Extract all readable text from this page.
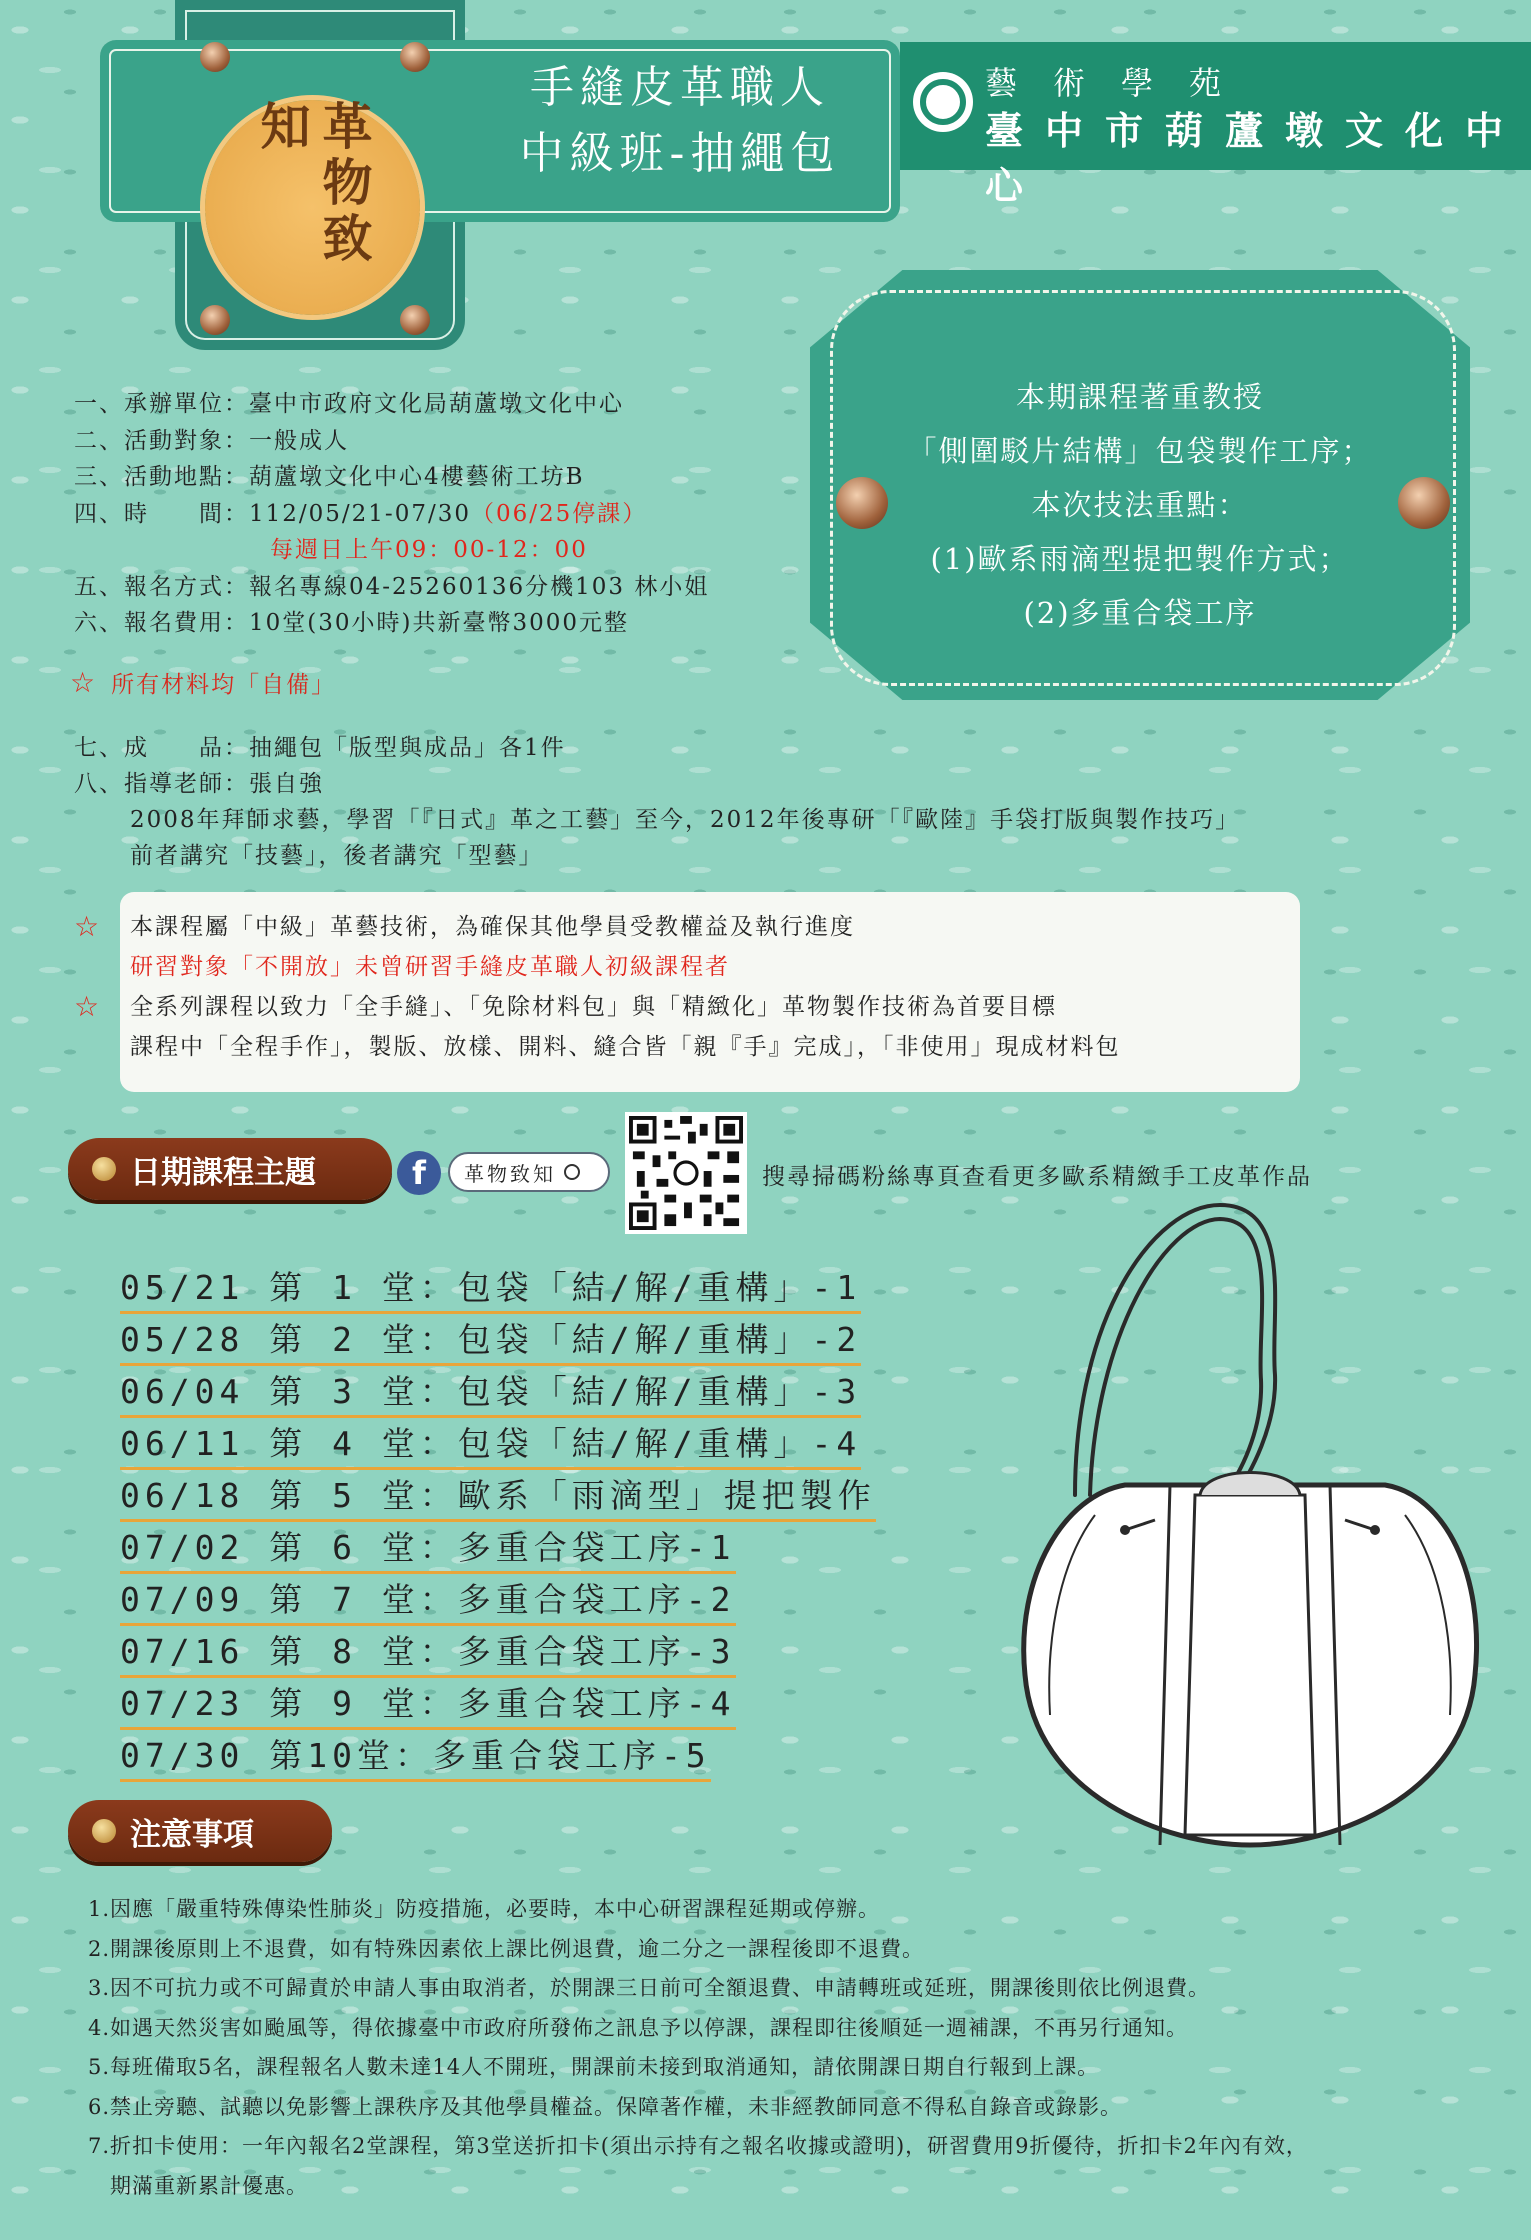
革物致知
手縫皮革職人
中級班-抽繩包
藝術學苑
臺中市葫蘆墩文化中心
本期課程著重教授
「側圍駁片結構」包袋製作工序；
本次技法重點：
(1)歐系雨滴型提把製作方式；
(2)多重合袋工序
一、承辦單位：臺中市政府文化局葫蘆墩文化中心
二、活動對象：一般成人
三、活動地點：葫蘆墩文化中心4樓藝術工坊B
四、時　　間：112/05/21-07/30（06/25停課）
每週日上午09：00-12：00
五、報名方式：報名專線04-25260136分機103 林小姐
六、報名費用：10堂(30小時)共新臺幣3000元整
☆ 所有材料均「自備」
七、成　　品：抽繩包「版型與成品」各1件
八、指導老師：張自強
2008年拜師求藝，學習「『日式』革之工藝」至今，2012年後專研「『歐陸』手袋打版與製作技巧」
前者講究「技藝」，後者講究「型藝」
☆	本課程屬「中級」革藝技術，為確保其他學員受教權益及執行進度
研習對象「不開放」未曾研習手縫皮革職人初級課程者
☆	全系列課程以致力「全手縫」、「免除材料包」與「精緻化」革物製作技術為首要目標
課程中「全程手作」，製版、放樣、開料、縫合皆「親『手』完成」，「非使用」現成材料包
日期課程主題	f	革物致知	搜尋掃碼粉絲專頁查看更多歐系精緻手工皮革作品
05/21 第 1 堂：包袋「結/解/重構」-1
05/28 第 2 堂：包袋「結/解/重構」-2
06/04 第 3 堂：包袋「結/解/重構」-3
06/11 第 4 堂：包袋「結/解/重構」-4
06/18 第 5 堂：歐系「雨滴型」提把製作
07/02 第 6 堂：多重合袋工序-1
07/09 第 7 堂：多重合袋工序-2
07/16 第 8 堂：多重合袋工序-3
07/23 第 9 堂：多重合袋工序-4
07/30 第10堂：多重合袋工序-5
注意事項
1.因應「嚴重特殊傳染性肺炎」防疫措施，必要時，本中心研習課程延期或停辦。
2.開課後原則上不退費，如有特殊因素依上課比例退費，逾二分之一課程後即不退費。
3.因不可抗力或不可歸責於申請人事由取消者，於開課三日前可全額退費、申請轉班或延班，開課後則依比例退費。
4.如遇天然災害如颱風等，得依據臺中市政府所發佈之訊息予以停課，課程即往後順延一週補課，不再另行通知。
5.每班備取5名，課程報名人數未達14人不開班，開課前未接到取消通知，請依開課日期自行報到上課。
6.禁止旁聽、試聽以免影響上課秩序及其他學員權益。保障著作權，未非經教師同意不得私自錄音或錄影。
7.折扣卡使用：一年內報名2堂課程，第3堂送折扣卡(須出示持有之報名收據或證明)，研習費用9折優待，折扣卡2年內有效，
　期滿重新累計優惠。
